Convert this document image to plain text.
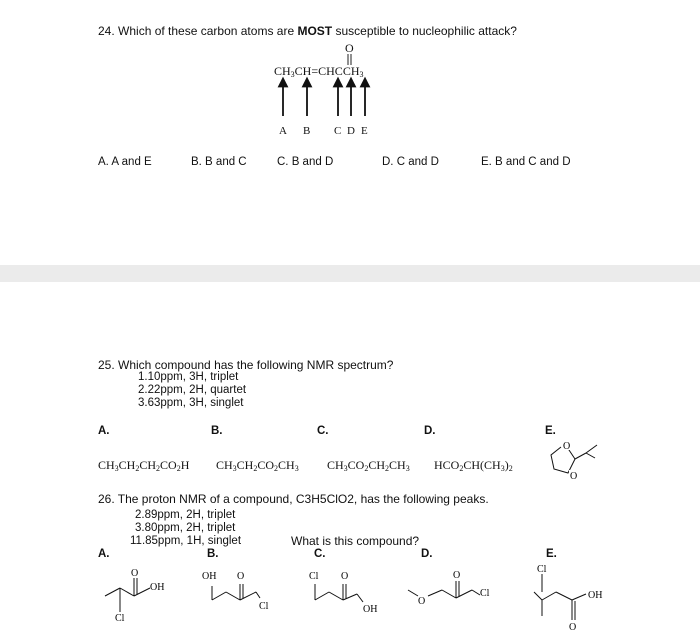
24. Which of these carbon atoms are MOST susceptible to nucleophilic attack?
O
$CH_3CH=CHCCH_3$
A B C D E
A. A and E	B. B and C	C. B and D	D. C and D	E. B and C and D
25. Which compound has the following NMR spectrum?
1.10ppm, 3H, triplet
2.22ppm, 2H, quartet
3.63ppm, 3H, singlet
A.	B.	C.	D.	E.
$CH_3CH_2CH_2CO_2H$ $CH_3CH_2CO_2CH_3$ $CH_3CO_2CH_2CH_3$ $HCO_2CH(CH_3)_2$
O
O
26. The proton NMR of a compound, C3H5ClO2, has the following peaks.
2.89ppm, 2H, triplet
3.80ppm, 2H, triplet
11.85ppm, 1H, singlet	What is this compound?
A.	B.	C.	D.	E.
O
OH
Cl
OH O
Cl
Cl O
OH
O
O
Cl
Cl
OH
O
